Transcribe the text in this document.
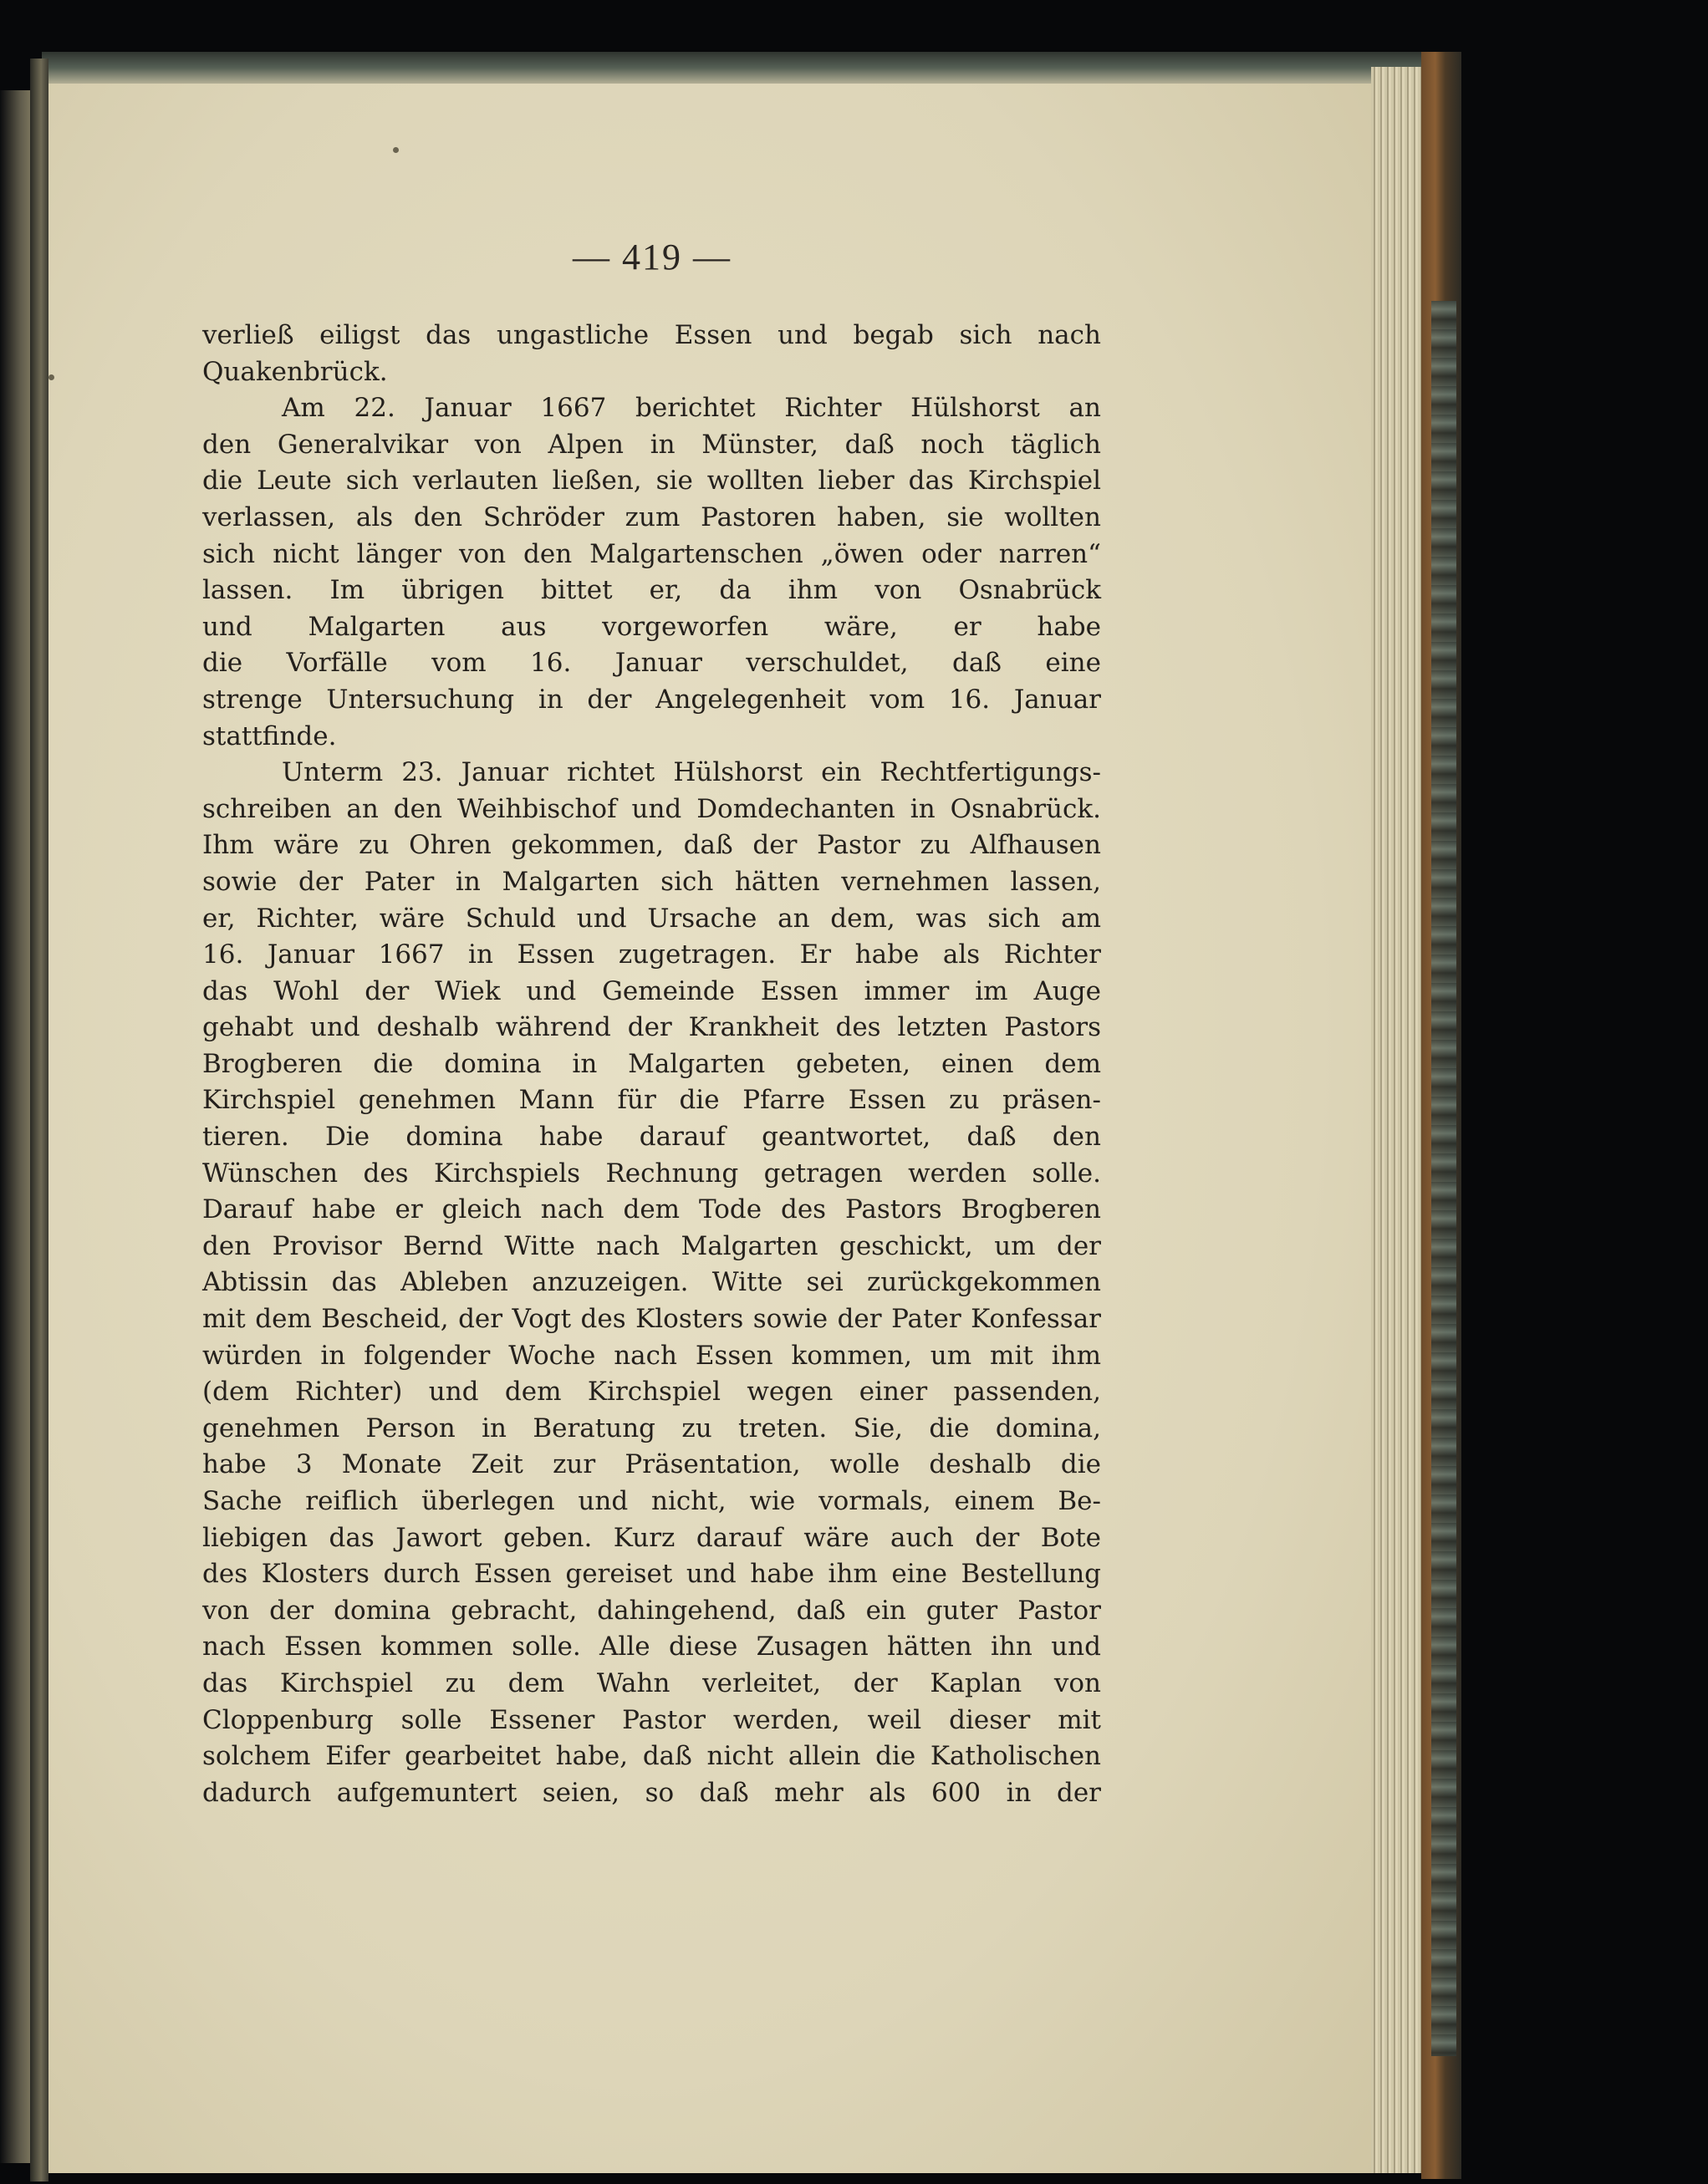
— 419 —
verließ eiligst das ungastliche Essen und begab sich nach
Quakenbrück.
Am 22. Januar 1667 berichtet Richter Hülshorst an
den Generalvikar von Alpen in Münster, daß noch täglich
die Leute sich verlauten ließen, sie wollten lieber das Kirchspiel
verlassen, als den Schröder zum Pastoren haben, sie wollten
sich nicht länger von den Malgartenschen „öwen oder narren“
lassen. Im übrigen bittet er, da ihm von Osnabrück
und Malgarten aus vorgeworfen wäre, er habe
die Vorfälle vom 16. Januar verschuldet, daß eine
strenge Untersuchung in der Angelegenheit vom 16. Januar
stattfinde.
Unterm 23. Januar richtet Hülshorst ein Rechtfertigungs-
schreiben an den Weihbischof und Domdechanten in Osnabrück.
Ihm wäre zu Ohren gekommen, daß der Pastor zu Alfhausen
sowie der Pater in Malgarten sich hätten vernehmen lassen,
er, Richter, wäre Schuld und Ursache an dem, was sich am
16. Januar 1667 in Essen zugetragen. Er habe als Richter
das Wohl der Wiek und Gemeinde Essen immer im Auge
gehabt und deshalb während der Krankheit des letzten Pastors
Brogberen die domina in Malgarten gebeten, einen dem
Kirchspiel genehmen Mann für die Pfarre Essen zu präsen-
tieren. Die domina habe darauf geantwortet, daß den
Wünschen des Kirchspiels Rechnung getragen werden solle.
Darauf habe er gleich nach dem Tode des Pastors Brogberen
den Provisor Bernd Witte nach Malgarten geschickt, um der
Abtissin das Ableben anzuzeigen. Witte sei zurückgekommen
mit dem Bescheid, der Vogt des Klosters sowie der Pater Konfessar
würden in folgender Woche nach Essen kommen, um mit ihm
(dem Richter) und dem Kirchspiel wegen einer passenden,
genehmen Person in Beratung zu treten. Sie, die domina,
habe 3 Monate Zeit zur Präsentation, wolle deshalb die
Sache reiflich überlegen und nicht, wie vormals, einem Be-
liebigen das Jawort geben. Kurz darauf wäre auch der Bote
des Klosters durch Essen gereiset und habe ihm eine Bestellung
von der domina gebracht, dahingehend, daß ein guter Pastor
nach Essen kommen solle. Alle diese Zusagen hätten ihn und
das Kirchspiel zu dem Wahn verleitet, der Kaplan von
Cloppenburg solle Essener Pastor werden, weil dieser mit
solchem Eifer gearbeitet habe, daß nicht allein die Katholischen
dadurch aufgemuntert seien, so daß mehr als 600 in der
